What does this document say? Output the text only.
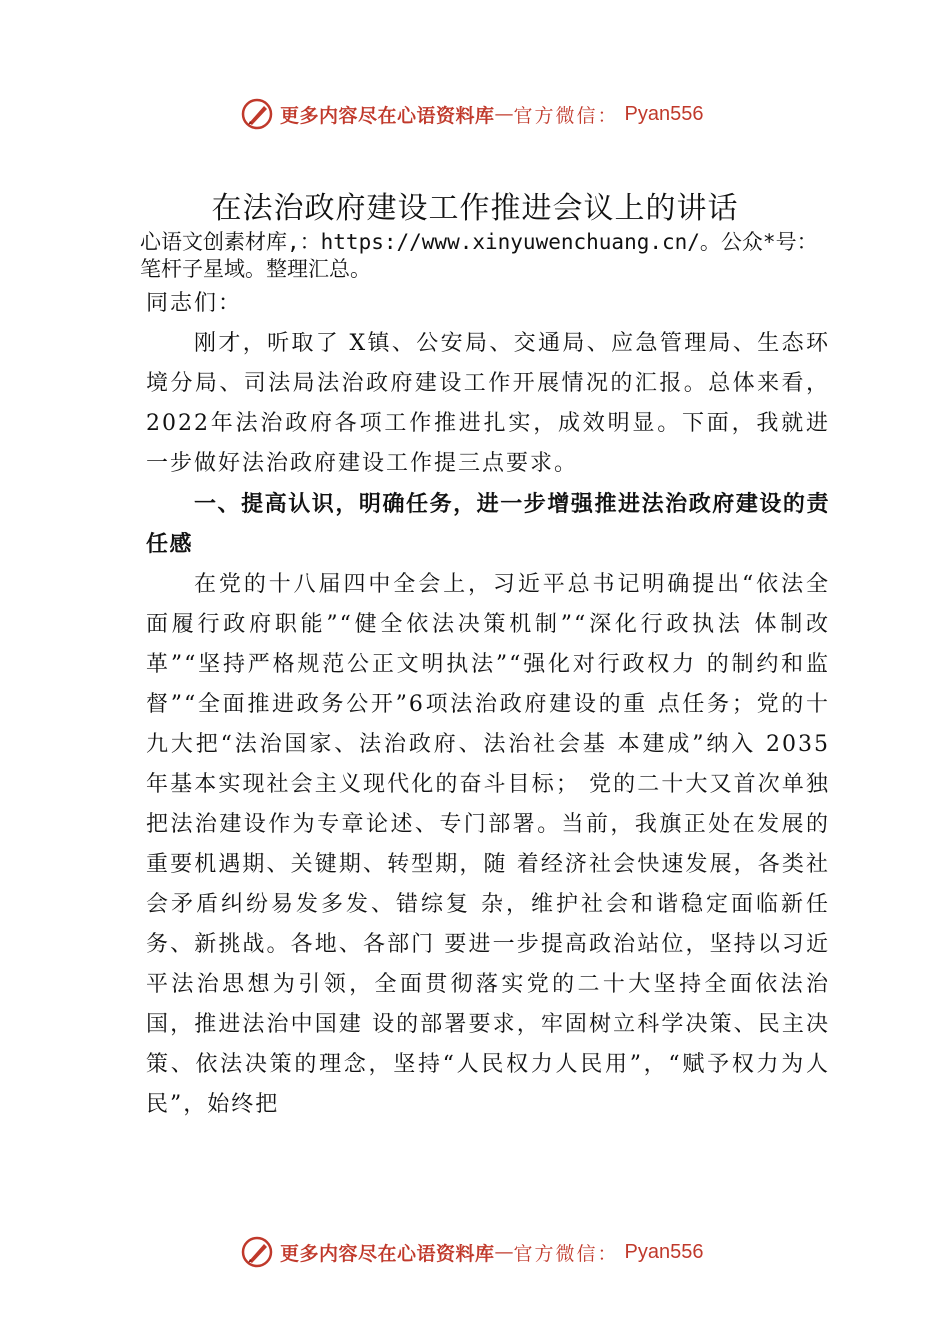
更多内容尽在心语资料库 — 官方微信： Pyan556
在法治政府建设工作推进会议上的讲话
心语文创素材库,：https://www.xinyuwenchuang.cn/。公众*号：笔杆子星域。整理汇总。
同志们：
刚才，听取了 X镇、公安局、交通局、应急管理局、生态环境分局、司法局法治政府建设工作开展情况的汇报。总体来看，2022年法治政府各项工作推进扎实，成效明显。下面，我就进一步做好法治政府建设工作提三点要求。
一、提高认识，明确任务，进一步增强推进法治政府建设的责任感
在党的十八届四中全会上，习近平总书记明确提出“依法全面履行政府职能”“健全依法决策机制”“深化行政执法 体制改革”“坚持严格规范公正文明执法”“强化对行政权力 的制约和监督”“全面推进政务公开”6项法治政府建设的重 点任务；党的十九大把“法治国家、法治政府、法治社会基 本建成”纳入 2035年基本实现社会主义现代化的奋斗目标； 党的二十大又首次单独把法治建设作为专章论述、专门部署。当前，我旗正处在发展的重要机遇期、关键期、转型期，随 着经济社会快速发展，各类社会矛盾纠纷易发多发、错综复 杂，维护社会和谐稳定面临新任务、新挑战。各地、各部门 要进一步提高政治站位，坚持以习近平法治思想为引领，全面贯彻落实党的二十大坚持全面依法治国，推进法治中国建 设的部署要求，牢固树立科学决策、民主决策、依法决策的理念，坚持“人民权力人民用”，“赋予权力为人民”，始终把
更多内容尽在心语资料库 — 官方微信： Pyan556
